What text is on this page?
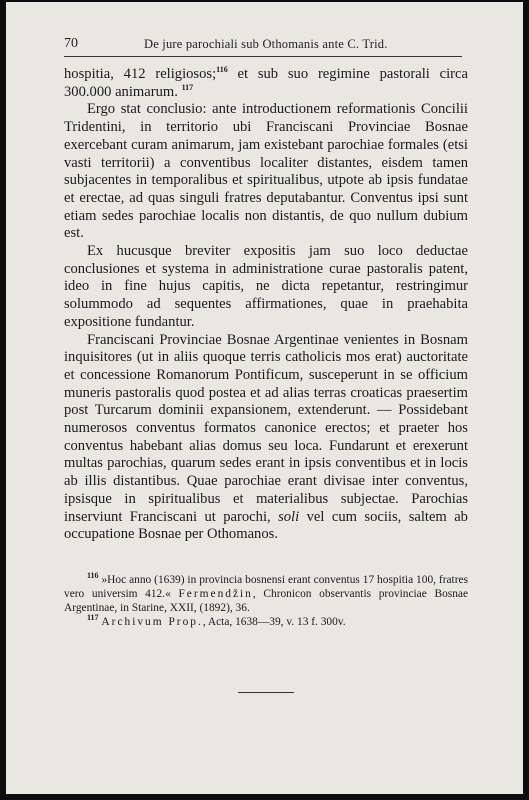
70	De jure parochiali sub Othomanis ante C. Trid.

hospitia, 412 religiosos;$^{116}$ et sub suo regimine pastorali circa 300.000 animarum. $^{117}$

Ergo stat conclusio: ante introductionem reformationis Concilii Tridentini, in territorio ubi Franciscani Provinciae Bosnae exercebant curam animarum, jam existebant parochiae formales (etsi vasti territorii) a conventibus localiter distantes, eisdem tamen subjacentes in temporalibus et spiritualibus, utpote ab ipsis fundatae et erectae, ad quas singuli fratres deputabantur. Conventus ipsi sunt etiam sedes parochiae localis non distantis, de quo nullum dubium est.

Ex hucusque breviter expositis jam suo loco deductae conclusiones et systema in administratione curae pastoralis patent, ideo in fine hujus capitis, ne dicta repetantur, restringimur solummodo ad sequentes affirmationes, quae in praehabita expositione fundantur.

Franciscani Provinciae Bosnae Argentinae venientes in Bosnam inquisitores (ut in aliis quoque terris catholicis mos erat) auctoritate et concessione Romanorum Pontificum, susceperunt in se officium muneris pastoralis quod postea et ad alias terras croaticas praesertim post Turcarum dominii expansionem, extenderunt. — Possidebant numerosos conventus formatos canonice erectos; et praeter hos conventus habebant alias domus seu loca. Fundarunt et erexerunt multas parochias, quarum sedes erant in ipsis conventibus et in locis ab illis distantibus. Quae parochiae erant divisae inter conventus, ipsisque in spiritualibus et materialibus subjectae. Parochias inserviunt Franciscani ut parochi, soli vel cum sociis, saltem ab occupatione Bosnae per Othomanos.

$^{116}$ »Hoc anno (1639) in provincia bosnensi erant conventus 17 hospitia 100, fratres vero universim 412.« Fermendžin, Chronicon observantis provinciae Bosnae Argentinae, in Starine, XXII, (1892), 36.

$^{117}$ Archivum Prop., Acta, 1638—39, v. 13 f. 300v.
